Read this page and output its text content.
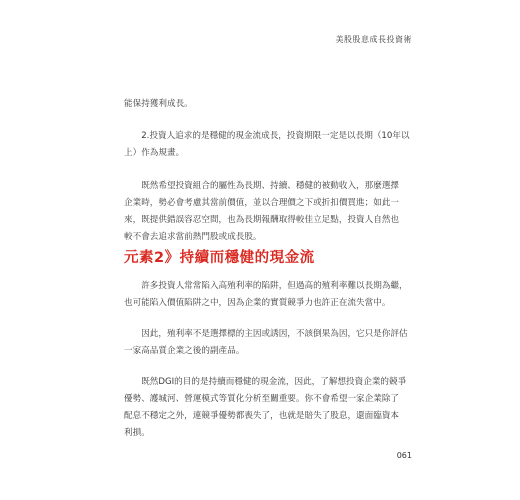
美股股息成長投資術

能保持獲利成長。

　　2.投資人追求的是穩健的現金流成長，投資期限一定是以長期（10年以
上）作為規畫。

　　既然希望投資組合的屬性為長期、持續、穩健的被動收入，那麼選擇
企業時，勢必會考慮其當前價值，並以合理價之下或折扣價買進；如此一
來，既提供錯誤容忍空間，也為長期報酬取得較佳立足點，投資人自然也
較不會去追求當前熱門股或成長股。

元素2》持續而穩健的現金流

　　許多投資人常常陷入高殖利率的陷阱，但過高的殖利率難以長期為繼，
也可能陷入價值陷阱之中，因為企業的實質競爭力也許正在流失當中。

　　因此，殖利率不是選擇標的主因或誘因，不該倒果為因，它只是你評估
一家高品質企業之後的副產品。

　　既然DGI的目的是持續而穩健的現金流，因此，了解想投資企業的競爭
優勢、護城河、營運模式等質化分析至關重要。你不會希望一家企業除了
配息不穩定之外，連競爭優勢都喪失了，也就是賠失了股息，還面臨資本
利損。

061
